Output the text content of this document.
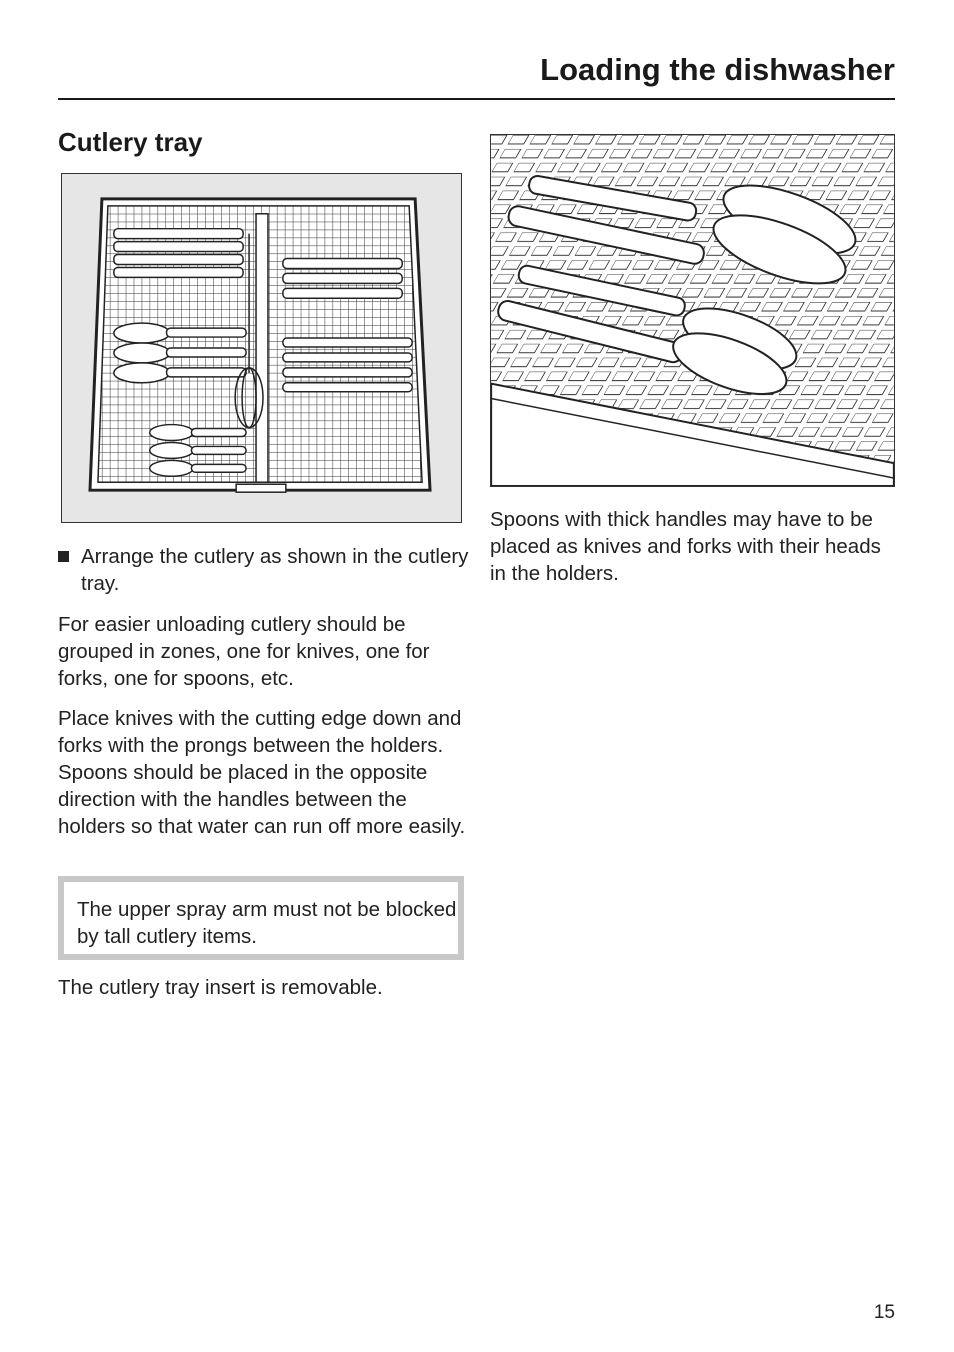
Loading the dishwasher
Cutlery tray
Arrange the cutlery as shown in the cutlery tray.
For easier unloading cutlery should be grouped in zones, one for knives, one for forks, one for spoons, etc.
Place knives with the cutting edge down and forks with the prongs between the holders. Spoons should be placed in the opposite direction with the handles between the holders so that water can run off more easily.
The upper spray arm must not be blocked by tall cutlery items.
The cutlery tray insert is removable.
Spoons with thick handles may have to be placed as knives and forks with their heads in the holders.
15
